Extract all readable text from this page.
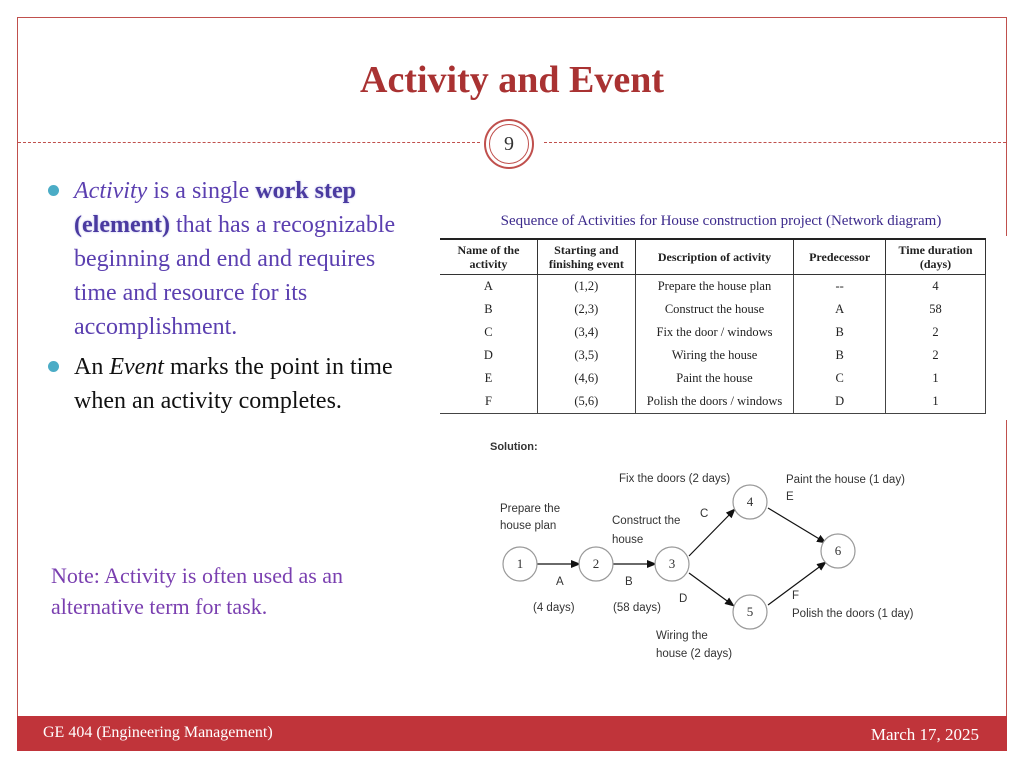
Activity and Event
9
Activity is a single work step (element) that has a recognizable beginning and end and requires time and resource for its accomplishment.
An Event marks the point in time when an activity completes.
Note: Activity is often used as an alternative term for task.
Sequence of Activities for House construction project (Network diagram)
Name of the activity	Starting and finishing event	Description of activity	Predecessor	Time duration (days)
A	(1,2)	Prepare the house plan	--	4
B	(2,3)	Construct the house	A	58
C	(3,4)	Fix the door / windows	B	2
D	(3,5)	Wiring the house	B	2
E	(4,6)	Paint the house	C	1
F	(5,6)	Polish the doors / windows	D	1
Solution:
1	2	3
4
5
6
Prepare the
house plan	Construct the
house
Fix the doors (2 days)	Paint the house (1 day)
Polish the doors (1 day)
Wiring the
house (2 days)
A	B
C
D
E
F
(4 days)	(58 days)
GE 404 (Engineering Management)	March 17, 2025
